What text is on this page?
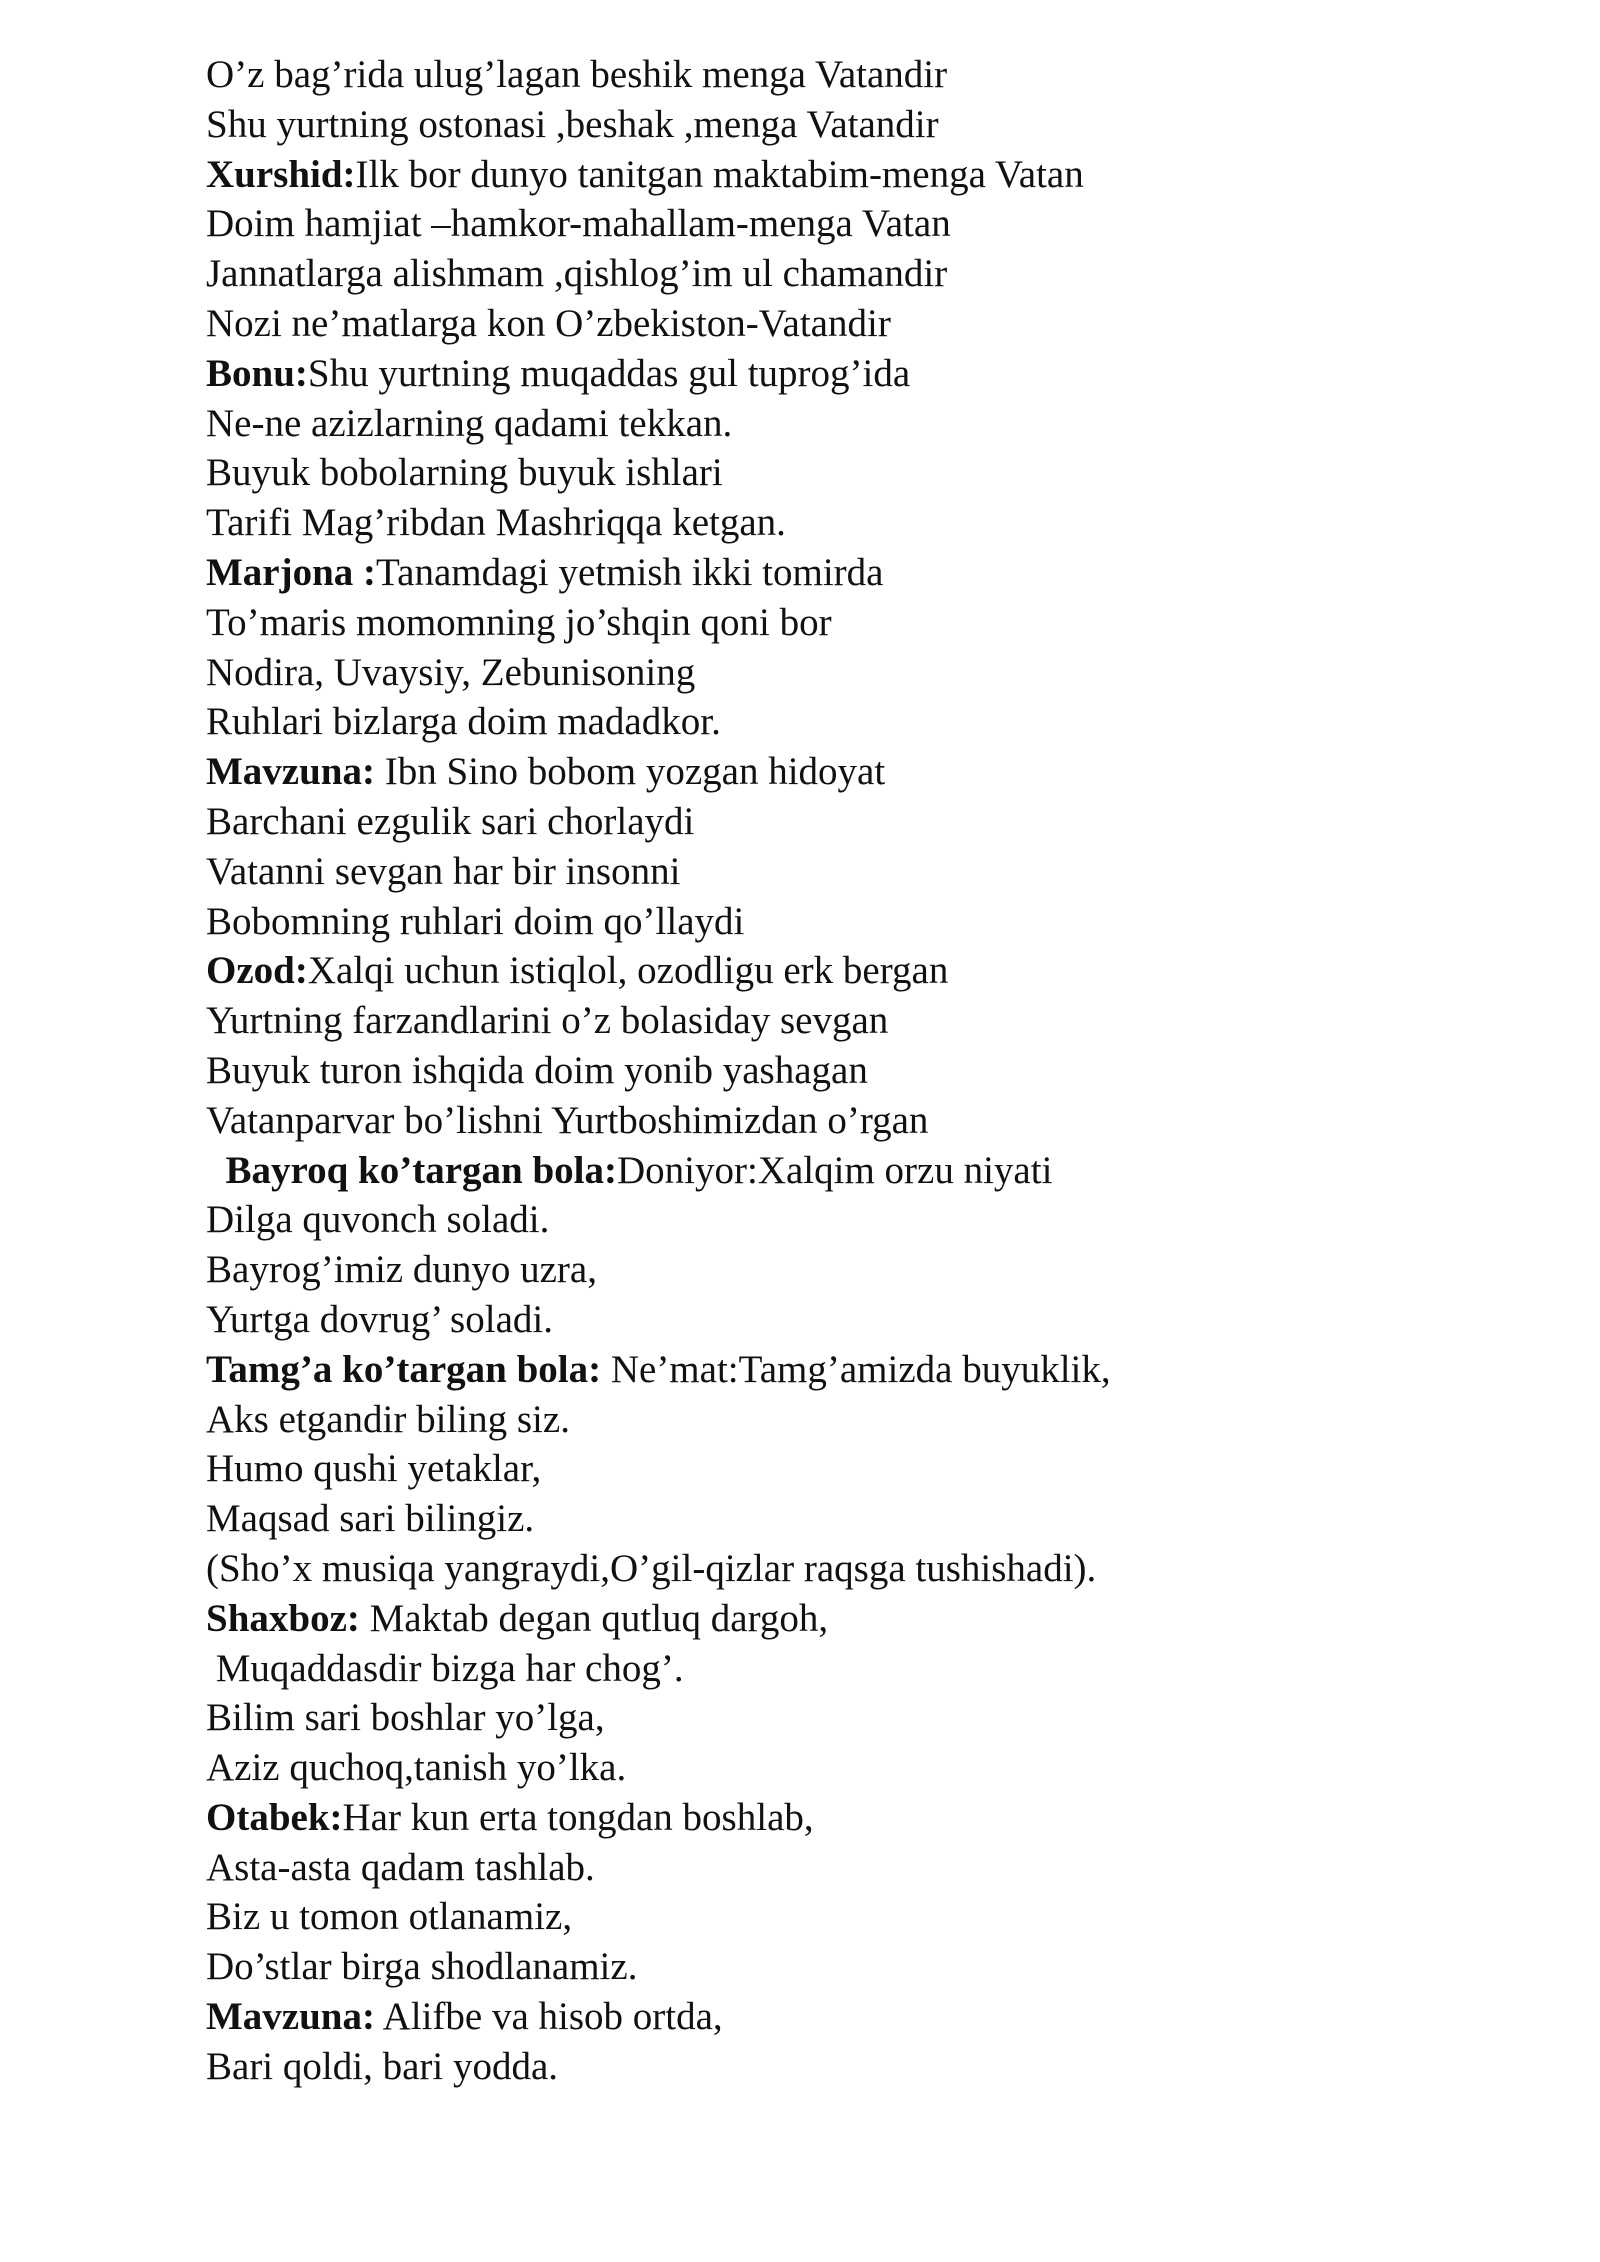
O’z bag’rida ulug’lagan beshik menga Vatandir
Shu yurtning ostonasi ,beshak ,menga Vatandir
Xurshid:Ilk bor dunyo tanitgan maktabim-menga Vatan
Doim hamjiat –hamkor-mahallam-menga Vatan
Jannatlarga alishmam ,qishlog’im ul chamandir
Nozi ne’matlarga kon O’zbekiston-Vatandir
Bonu:Shu yurtning muqaddas gul tuprog’ida
Ne-ne azizlarning qadami tekkan.
Buyuk bobolarning buyuk ishlari
Tarifi Mag’ribdan Mashriqqa ketgan.
Marjona :Tanamdagi yetmish ikki tomirda
To’maris momomning jo’shqin qoni bor
Nodira, Uvaysiy, Zebunisoning
Ruhlari bizlarga doim madadkor.
Mavzuna: Ibn Sino bobom yozgan hidoyat
Barchani ezgulik sari chorlaydi
Vatanni sevgan har bir insonni
Bobomning ruhlari doim qo’llaydi
Ozod:Xalqi uchun istiqlol, ozodligu erk bergan
Yurtning farzandlarini o’z bolasiday sevgan
Buyuk turon ishqida doim yonib yashagan
Vatanparvar bo’lishni Yurtboshimizdan o’rgan
Bayroq ko’targan bola:Doniyor:Xalqim orzu niyati
Dilga quvonch soladi.
Bayrog’imiz dunyo uzra,
Yurtga dovrug’ soladi.
Tamg’a ko’targan bola: Ne’mat:Tamg’amizda buyuklik,
Aks etgandir biling siz.
Humo qushi yetaklar,
Maqsad sari bilingiz.
(Sho’x musiqa yangraydi,O’gil-qizlar raqsga tushishadi).
Shaxboz: Maktab degan qutluq dargoh,
Muqaddasdir bizga har chog’.
Bilim sari boshlar yo’lga,
Aziz quchoq,tanish yo’lka.
Otabek:Har kun erta tongdan boshlab,
Asta-asta qadam tashlab.
Biz u tomon otlanamiz,
Do’stlar birga shodlanamiz.
Mavzuna: Alifbe va hisob ortda,
Bari qoldi, bari yodda.
